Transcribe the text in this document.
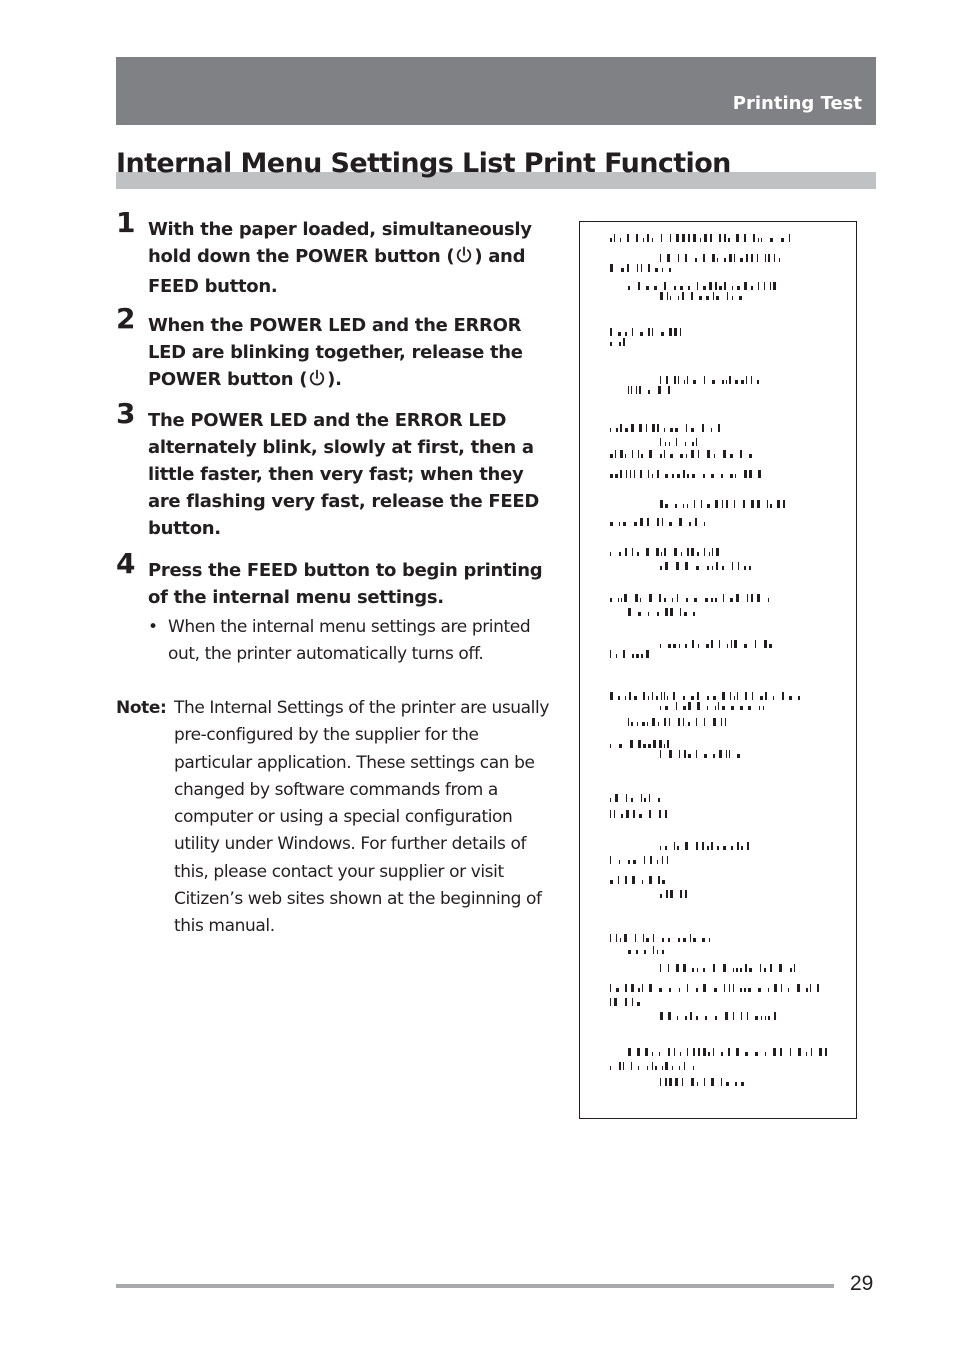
Printing Test
Internal Menu Settings List Print Function
1 With the paper loaded, simultaneously hold down the POWER button ( ) and FEED button.
2 When the POWER LED and the ERROR LED are blinking together, release the POWER button ( ).
3 The POWER LED and the ERROR LED alternately blink, slowly at first, then a little faster, then very fast; when they are flashing very fast, release the FEED button.
4 Press the FEED button to begin printing of the internal menu settings.
• When the internal menu settings are printed out, the printer automatically turns off.
Note: The Internal Settings of the printer are usually pre-configured by the supplier for the particular application. These settings can be changed by software commands from a computer or using a special configuration utility under Windows. For further details of this, please contact your supplier or visit Citizen’s web sites shown at the beginning of this manual.
29
